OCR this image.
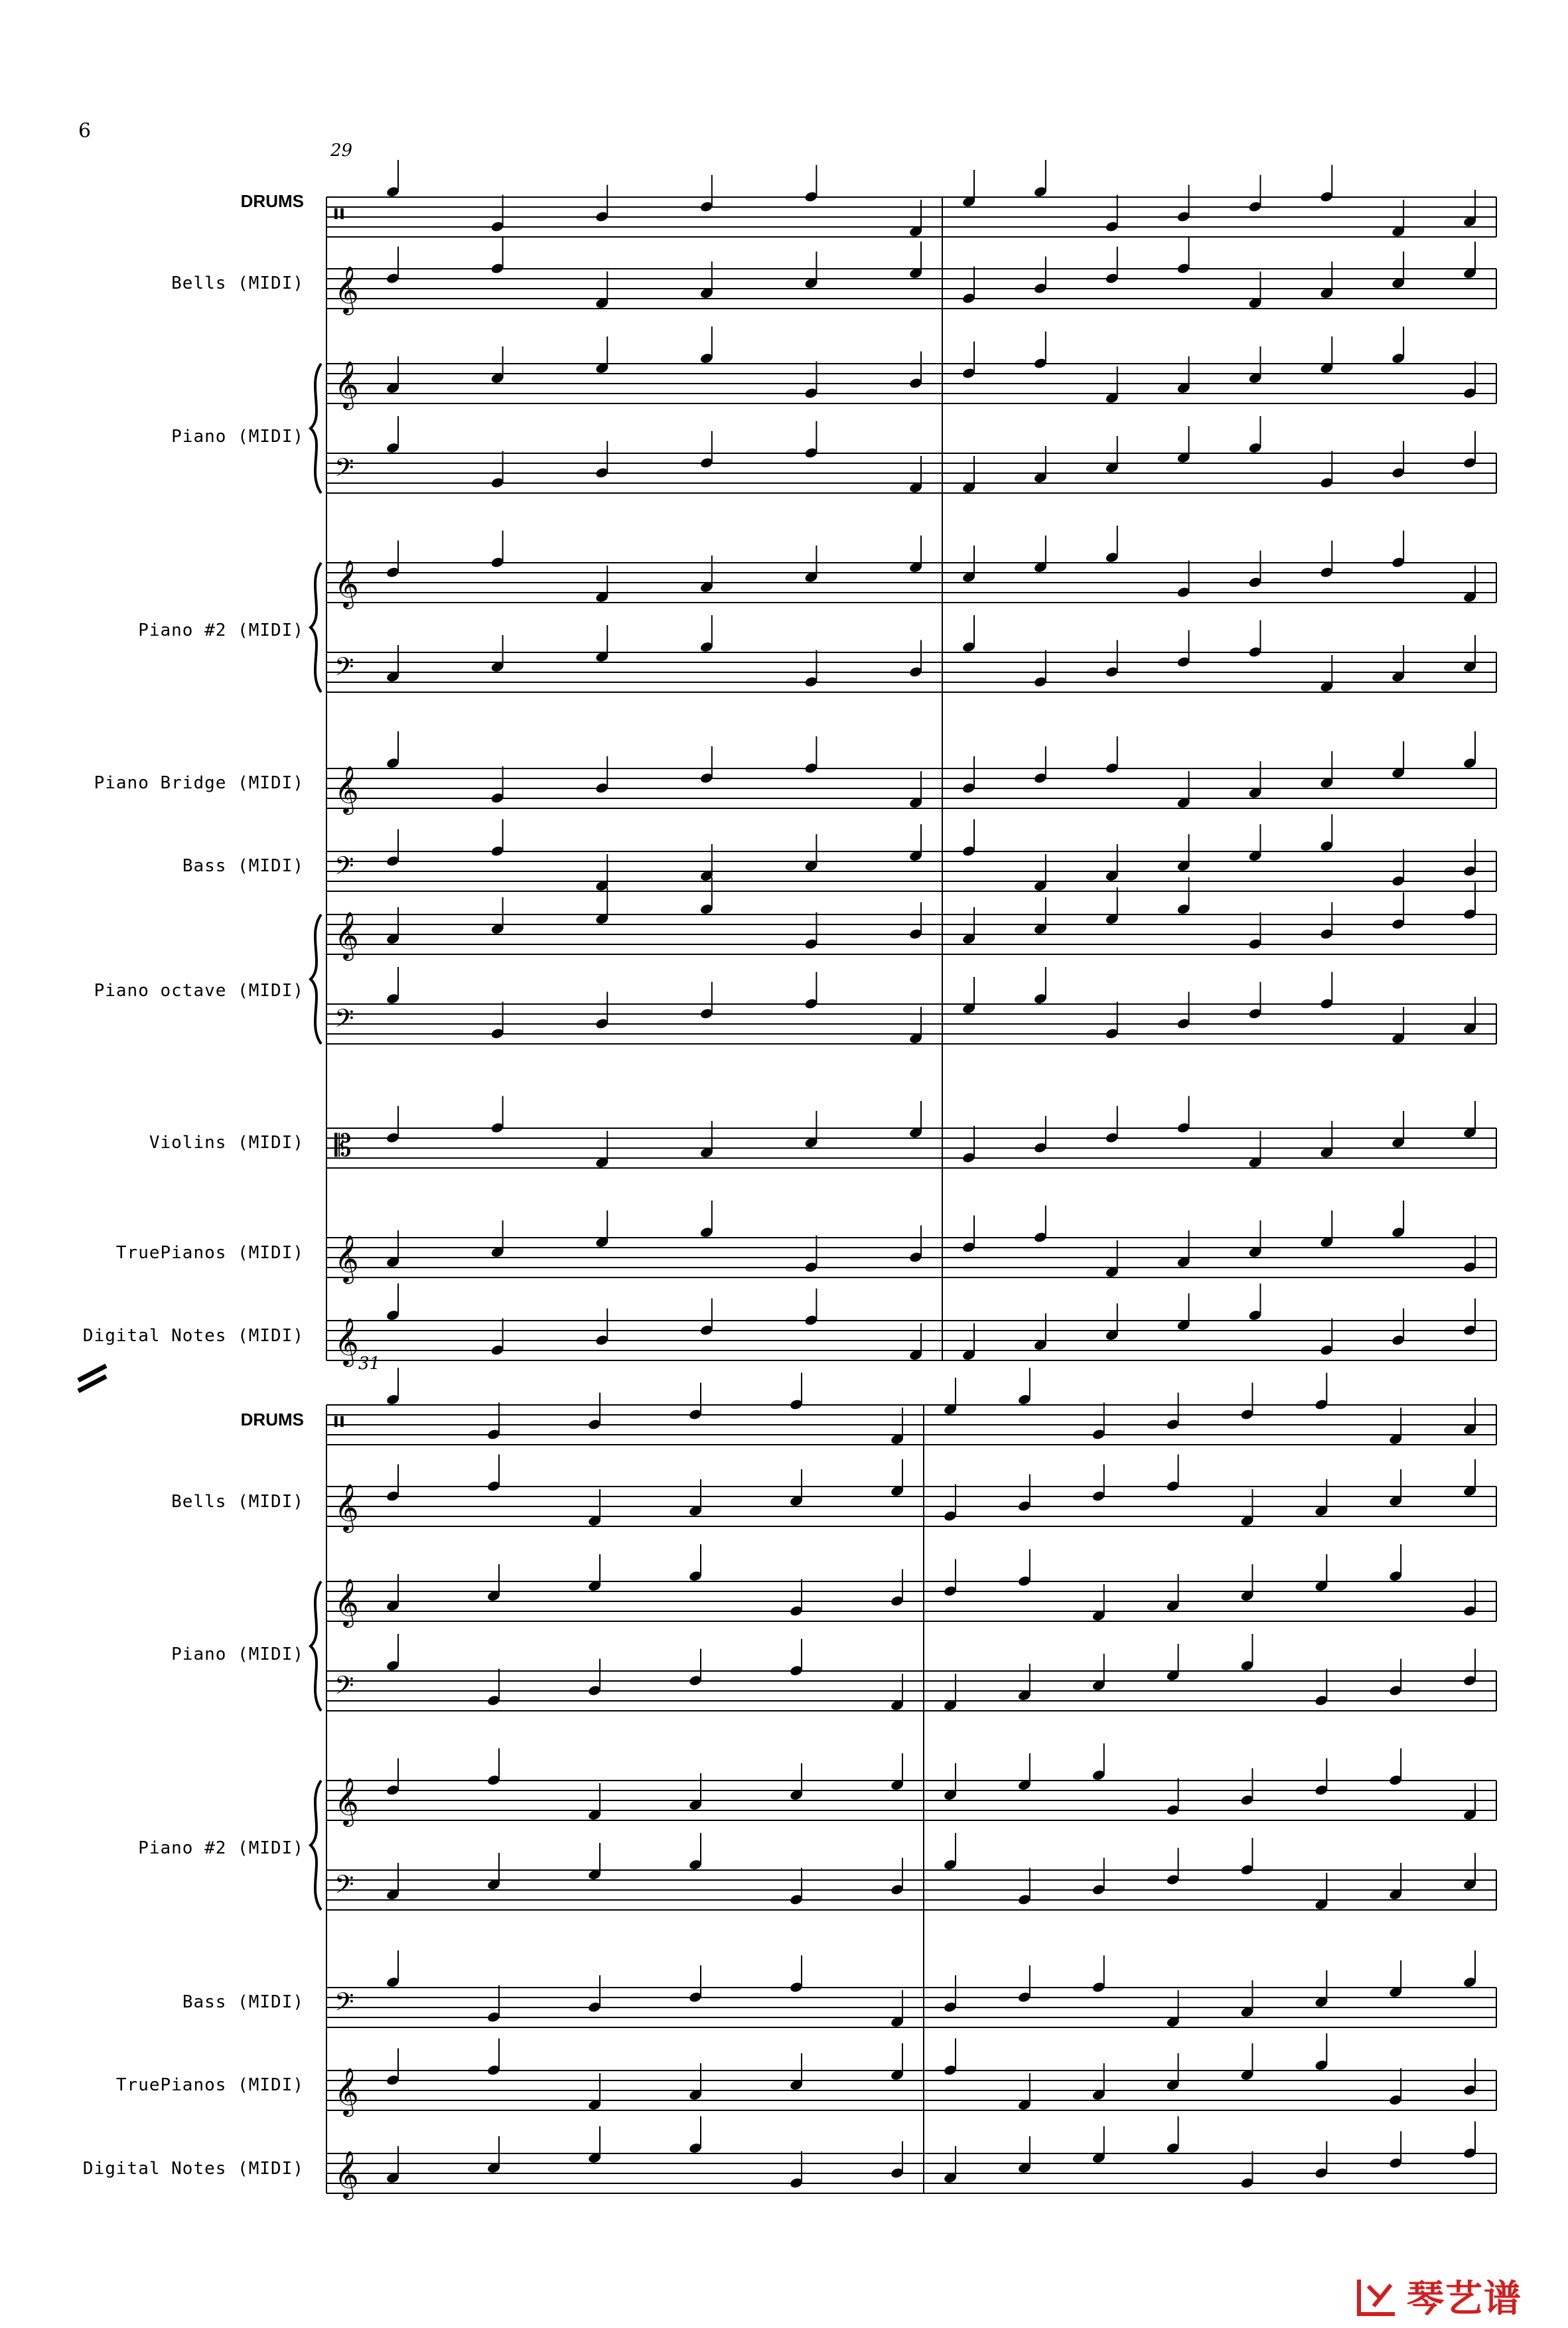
6
29
DRUMS
Bells (MIDI)
Piano (MIDI)
Piano #2 (MIDI)
Piano Bridge (MIDI)
Bass (MIDI)
Piano octave (MIDI)
Violins (MIDI)
TruePianos (MIDI)
Digital Notes (MIDI)
31
DRUMS
Bells (MIDI)
Piano (MIDI)
Piano #2 (MIDI)
Bass (MIDI)
TruePianos (MIDI)
Digital Notes (MIDI)
𝄥
𝄞
𝄞
𝄢
𝄞
𝄢
𝄞
𝄢
𝄞
𝄢
𝄡
𝄞
𝄞
𝄥
𝄞
𝄞
𝄢
𝄞
𝄢
𝄢
𝄞
𝄞
琴艺谱
